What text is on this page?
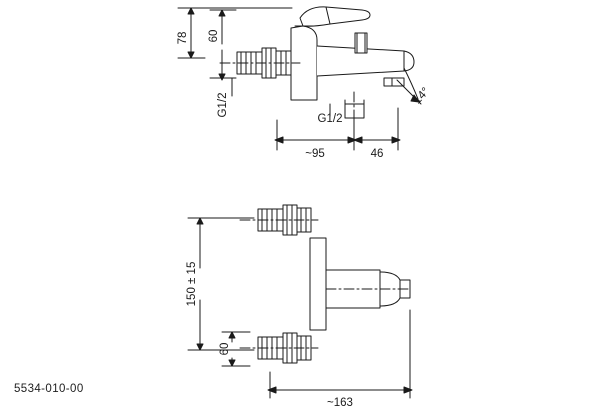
78 60
G1/2
G1/2
14°
~95	46
150 ± 15
60
~163
5534-010-00
